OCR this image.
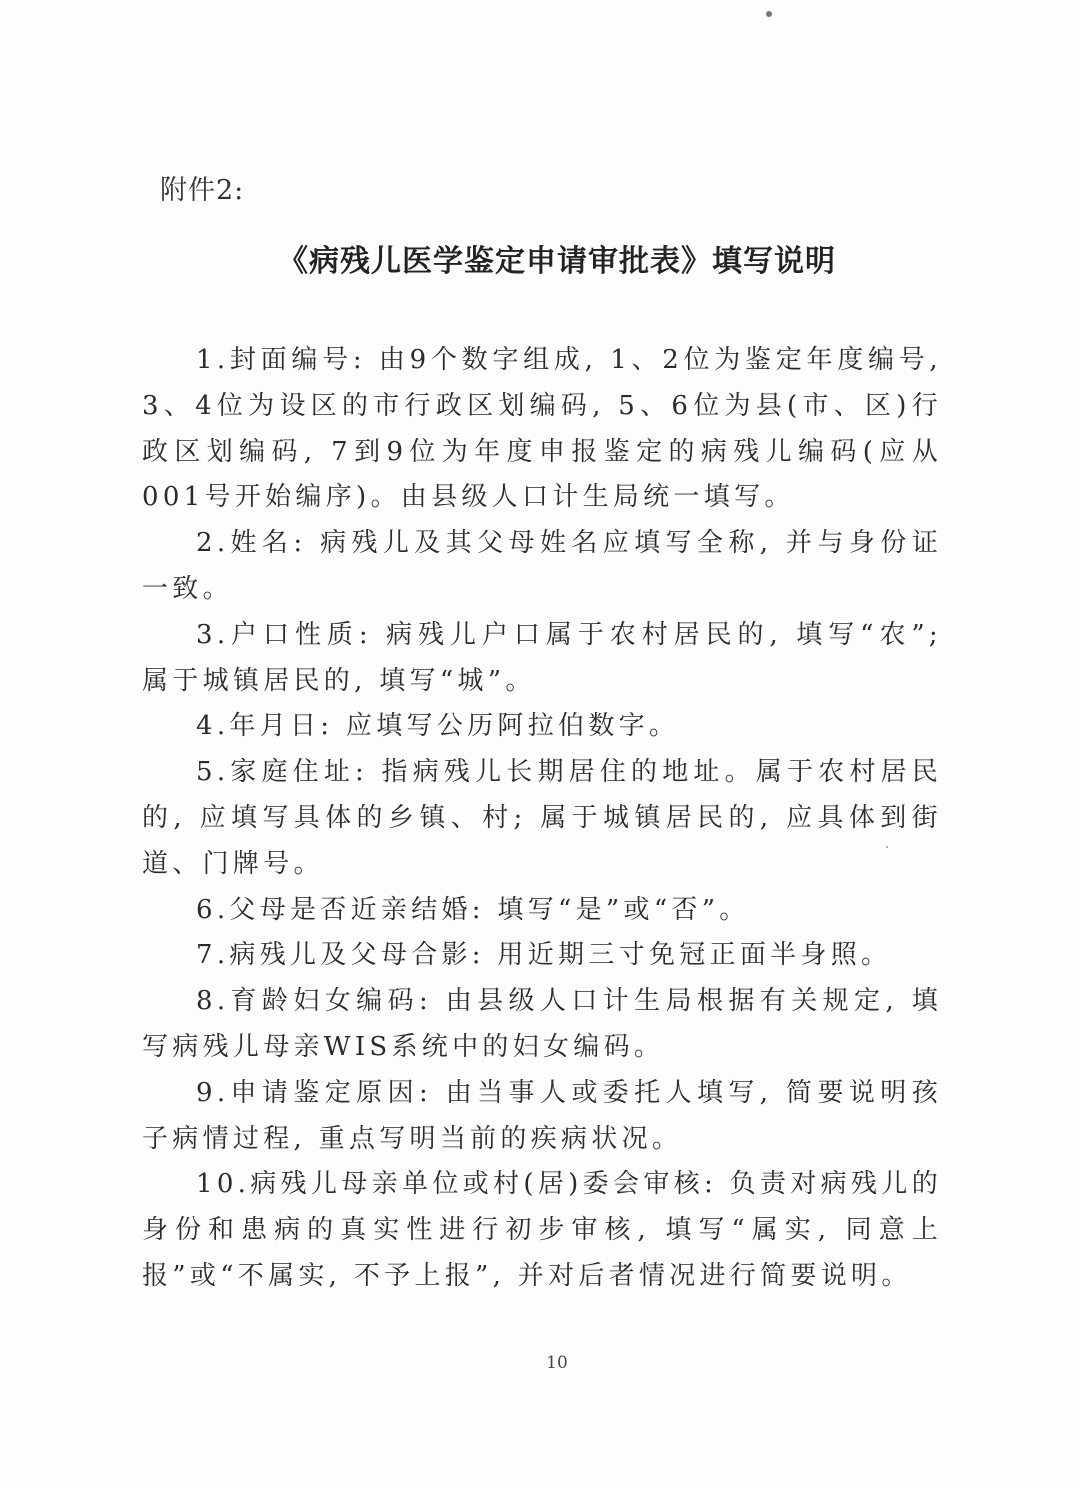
附件2:

《病残儿医学鉴定申请审批表》填写说明

1.封面编号: 由9个数字组成, 1、2位为鉴定年度编号, 3、4位为设区的市行政区划编码, 5、6位为县(市、区)行政区划编码, 7到9位为年度申报鉴定的病残儿编码(应从001号开始编序)。由县级人口计生局统一填写。

2.姓名: 病残儿及其父母姓名应填写全称, 并与身份证一致。

3.户口性质: 病残儿户口属于农村居民的, 填写“农”; 属于城镇居民的, 填写“城”。

4.年月日: 应填写公历阿拉伯数字。

5.家庭住址: 指病残儿长期居住的地址。属于农村居民的, 应填写具体的乡镇、村; 属于城镇居民的, 应具体到街道、门牌号。

6.父母是否近亲结婚: 填写“是”或“否”。

7.病残儿及父母合影: 用近期三寸免冠正面半身照。

8.育龄妇女编码: 由县级人口计生局根据有关规定, 填写病残儿母亲WIS系统中的妇女编码。

9.申请鉴定原因: 由当事人或委托人填写, 简要说明孩子病情过程, 重点写明当前的疾病状况。

10.病残儿母亲单位或村(居)委会审核: 负责对病残儿的身份和患病的真实性进行初步审核, 填写“属实, 同意上报”或“不属实, 不予上报”, 并对后者情况进行简要说明。

10
